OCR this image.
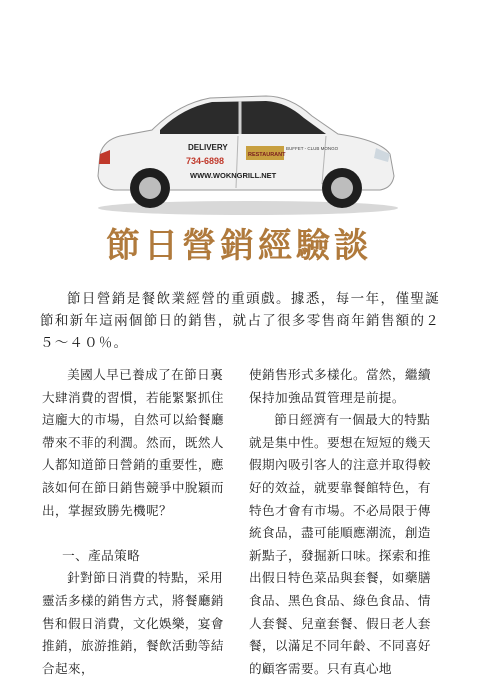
DELIVERY
734-6898
WWW.WOKNGRILL.NET
RESTAURANT
BUFFET - CLUB MONGO
節日營銷經驗談

節日營銷是餐飲業經營的重頭戲。據悉，每一年，僅聖誕節和新年這兩個節日的銷售，就占了很多零售商年銷售額的２５～４０％。

美國人早已養成了在節日裏大肆消費的習慣，若能緊緊抓住這龐大的市場，自然可以給餐廳帶來不菲的利潤。然而，既然人人都知道節日營銷的重要性，應該如何在節日銷售競爭中脫穎而出，掌握致勝先機呢？

一、產品策略

針對節日消費的特點，采用靈活多樣的銷售方式，將餐廳銷售和假日消費，文化娛樂，宴會推銷，旅游推銷，餐飲活動等結合起來，

使銷售形式多樣化。當然，繼續保持加強品質管理是前提。

節日經濟有一個最大的特點就是集中性。要想在短短的幾天假期內吸引客人的注意并取得較好的效益，就要靠餐館特色，有特色才會有市場。不必局限于傳統食品，盡可能順應潮流，創造新點子，發掘新口味。探索和推出假日特色菜品與套餐，如藥膳食品、黑色食品、綠色食品、情人套餐、兒童套餐、假日老人套餐，以滿足不同年齡、不同喜好的顧客需要。只有真心地
